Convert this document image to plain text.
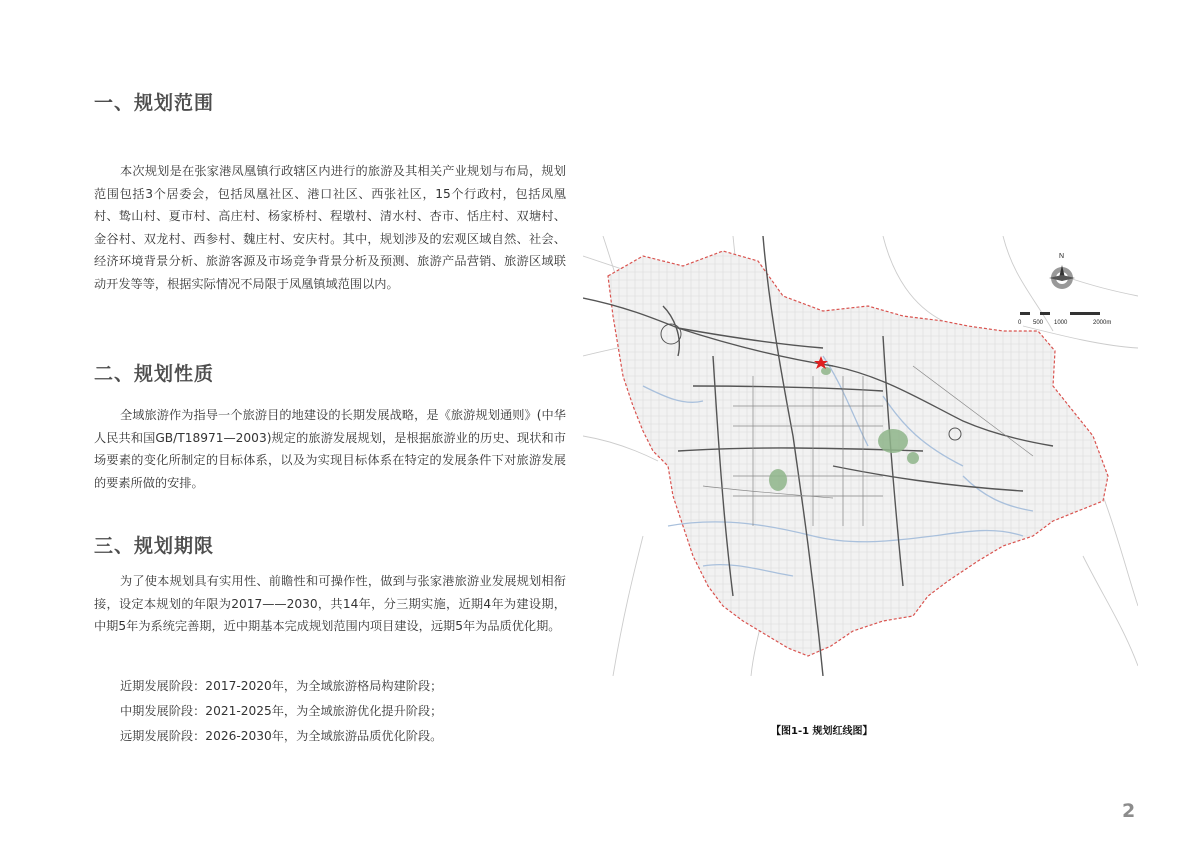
一、规划范围

本次规划是在张家港凤凰镇行政辖区内进行的旅游及其相关产业规划与布局，规划范围包括3个居委会，包括凤凰社区、港口社区、西张社区，15个行政村，包括凤凰村、鸷山村、夏市村、高庄村、杨家桥村、程墩村、清水村、杏市、恬庄村、双塘村、金谷村、双龙村、西参村、魏庄村、安庆村。其中，规划涉及的宏观区域自然、社会、经济环境背景分析、旅游客源及市场竞争背景分析及预测、旅游产品营销、旅游区域联动开发等等，根据实际情况不局限于凤凰镇域范围以内。

二、规划性质

全域旅游作为指导一个旅游目的地建设的长期发展战略，是《旅游规划通则》(中华人民共和国GB/T18971—2003)规定的旅游发展规划，是根据旅游业的历史、现状和市场要素的变化所制定的目标体系，以及为实现目标体系在特定的发展条件下对旅游发展的要素所做的安排。

三、规划期限

为了使本规划具有实用性、前瞻性和可操作性，做到与张家港旅游业发展规划相衔接，设定本规划的年限为2017——2030，共14年，分三期实施，近期4年为建设期，中期5年为系统完善期，近中期基本完成规划范围内项目建设，远期5年为品质优化期。

近期发展阶段：2017-2020年，为全域旅游格局构建阶段；
中期发展阶段：2021-2025年，为全域旅游优化提升阶段；
远期发展阶段：2026-2030年，为全域旅游品质优化阶段。
N
0 500 1000	2000m
【图1-1 规划红线图】
2
